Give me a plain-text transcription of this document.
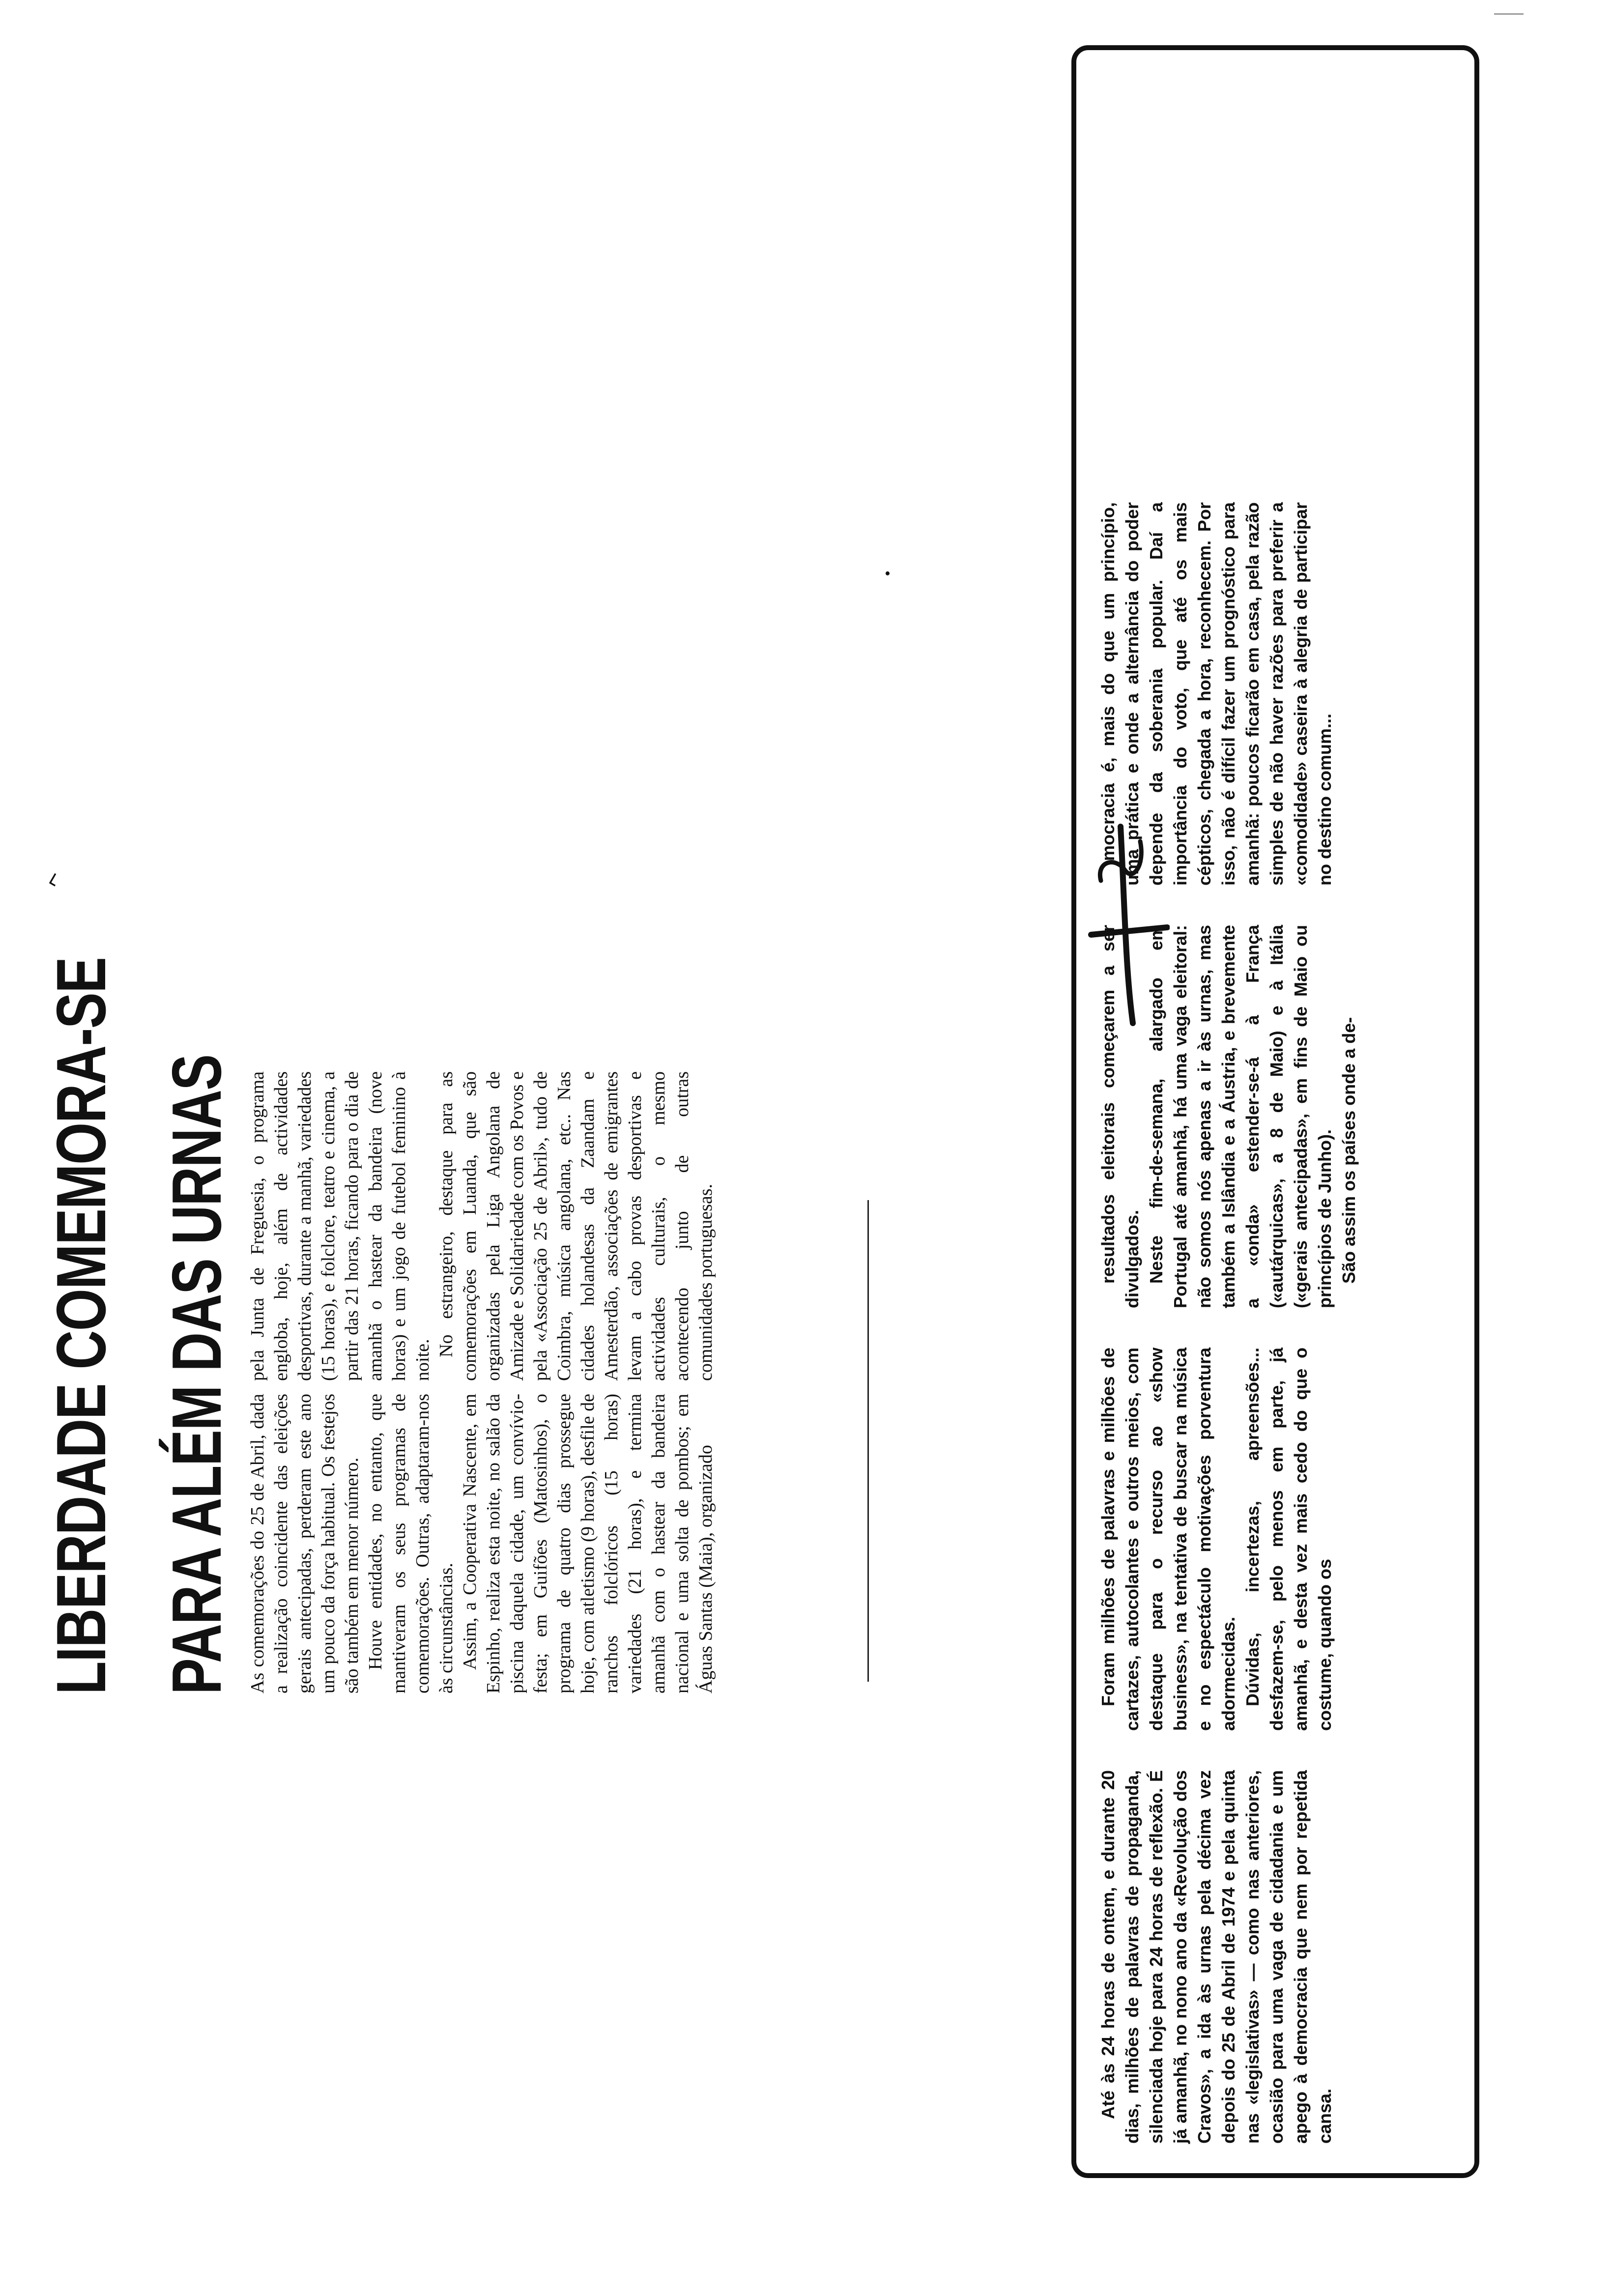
LIBERDADE COMEMORA-SE PARA ALÉM DAS URNAS As comemorações do 25 de Abril, dada a realização coincidente das eleições gerais antecipadas, perderam este ano um pouco da força habitual. Os festejos são também em menor número. Houve entidades, no entanto, que mantiveram os seus programas de comemorações. Outras, adaptaram-nos às circunstâncias. Assim, a Cooperativa Nascente, em Espinho, realiza esta noite, no salão da piscina daquela cidade, um convívio-festa; em Guifões (Matosinhos), o programa de quatro dias prossegue hoje, com atletismo (9 horas), desfile de ranchos folclóricos (15 horas) variedades (21 horas), e termina amanhã com o hastear da bandeira nacional e uma solta de pombos; em Águas Santas (Maia), organizado

pela Junta de Freguesia, o programa engloba, hoje, além de actividades desportivas, durante a manhã, variedades (15 horas), e folclore, teatro e cinema, a partir das 21 horas, ficando para o dia de amanhã o hastear da bandeira (nove horas) e um jogo de futebol feminino à noite.

No estrangeiro, destaque para as comemorações em Luanda, que são organizadas pela Liga Angolana de Amizade e Solidariedade com os Povos e pela «Associação 25 de Abril», tudo de Coimbra, música angolana, etc.. Nas cidades holandesas da Zaandam e Amesterdão, associações de emigrantes levam a cabo provas desportivas e actividades culturais, o mesmo acontecendo junto de outras comunidades portuguesas.

Até às 24 horas de ontem, e durante 20 dias, milhões de palavras de propaganda, silenciada hoje para 24 horas de reflexão. É já amanhã, no nono ano da «Revolução dos Cravos», a ida às urnas pela décima vez depois do 25 de Abril de 1974 e pela quinta nas «legislativas» — como nas anteriores, ocasião para uma vaga de cidadania e um apego à democracia que nem por repetida cansa.

Foram milhões de palavras e milhões de cartazes, autocolantes e outros meios, com destaque para o recurso ao «show business», na tentativa de buscar na música e no espectáculo motivações porventura adormecidas. Dúvidas, incertezas, apreensões... desfazem-se, pelo menos em parte, já amanhã, e desta vez mais cedo do que o costume, quando os

resultados eleitorais começarem a ser divulgados. Neste fim-de-semana, alargado em Portugal até amanhã, há uma vaga eleitoral: não somos nós apenas a ir às urnas, mas também a Islândia e a Áustria, e brevemente a «onda» estender-se-á à França («autárquicas», a 8 de Maio) e à Itália («gerais antecipadas», em fins de Maio ou princípios de Junho). São assim os países onde a de-

mocracia é, mais do que um princípio, uma prática e onde a alternância do poder depende da soberania popular. Daí a importância do voto, que até os mais cépticos, chegada a hora, reconhecem. Por isso, não é difícil fazer um prognóstico para amanhã: poucos ficarão em casa, pela razão simples de não haver razões para preferir a «comodidade» caseira à alegria de participar no destino comum...

⌐
•
